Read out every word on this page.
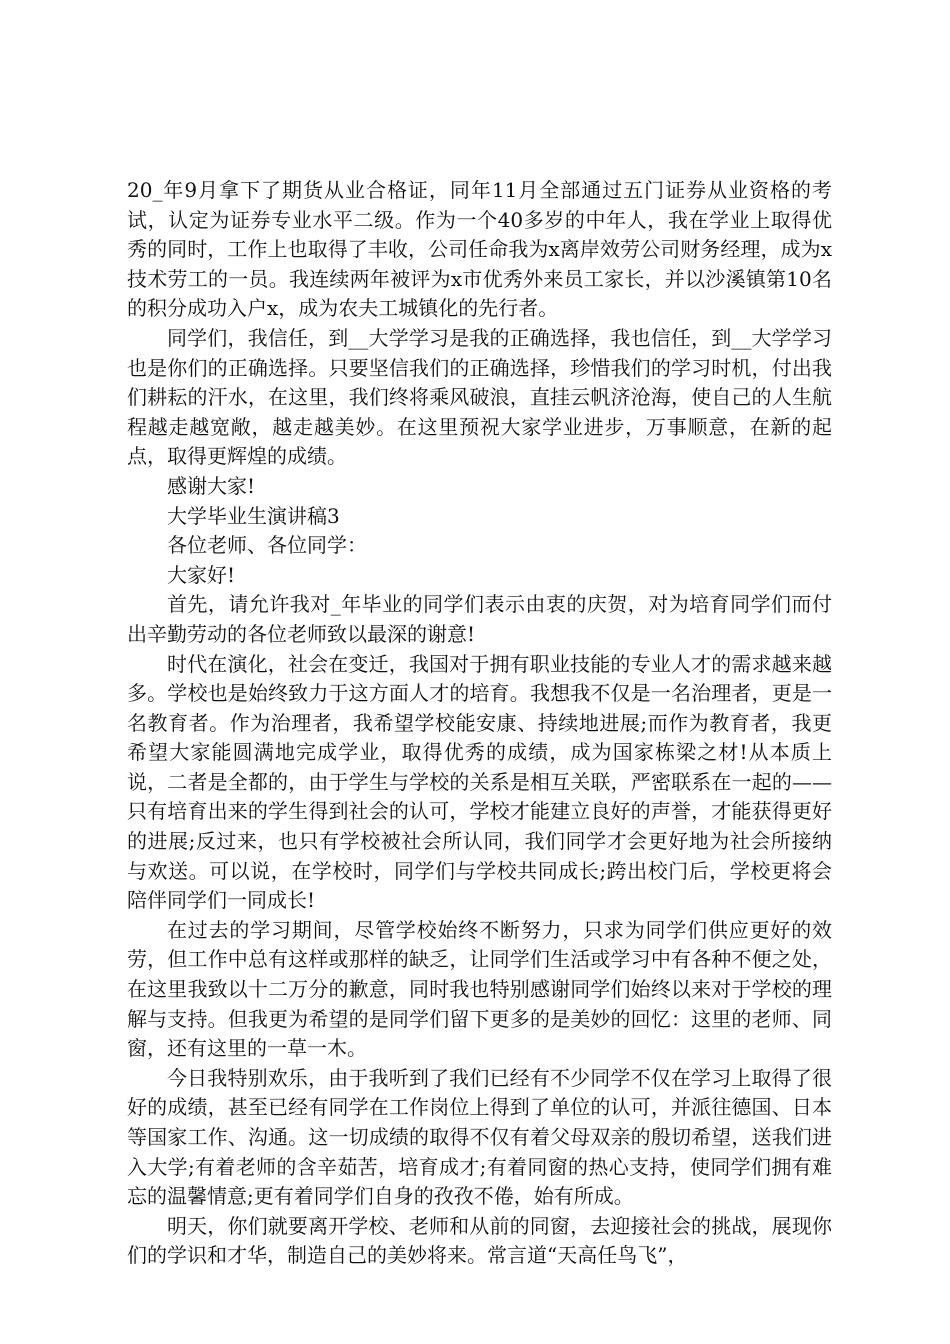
20_年9月拿下了期货从业合格证，同年11月全部通过五门证券从业资格的考试，认定为证券专业水平二级。作为一个40多岁的中年人，我在学业上取得优秀的同时，工作上也取得了丰收，公司任命我为x离岸效劳公司财务经理，成为x技术劳工的一员。我连续两年被评为x市优秀外来员工家长，并以沙溪镇第10名的积分成功入户x，成为农夫工城镇化的先行者。

同学们，我信任，到__大学学习是我的正确选择，我也信任，到__大学学习也是你们的正确选择。只要坚信我们的正确选择，珍惜我们的学习时机，付出我们耕耘的汗水，在这里，我们终将乘风破浪，直挂云帆济沧海，使自己的人生航程越走越宽敞，越走越美妙。在这里预祝大家学业进步，万事顺意，在新的起点，取得更辉煌的成绩。

感谢大家!

大学毕业生演讲稿3

各位老师、各位同学：

大家好!

首先，请允许我对_年毕业的同学们表示由衷的庆贺，对为培育同学们而付出辛勤劳动的各位老师致以最深的谢意!

时代在演化，社会在变迁，我国对于拥有职业技能的专业人才的需求越来越多。学校也是始终致力于这方面人才的培育。我想我不仅是一名治理者，更是一名教育者。作为治理者，我希望学校能安康、持续地进展;而作为教育者，我更希望大家能圆满地完成学业，取得优秀的成绩，成为国家栋梁之材!从本质上说，二者是全都的，由于学生与学校的关系是相互关联，严密联系在一起的——只有培育出来的学生得到社会的认可，学校才能建立良好的声誉，才能获得更好的进展;反过来，也只有学校被社会所认同，我们同学才会更好地为社会所接纳与欢送。可以说，在学校时，同学们与学校共同成长;跨出校门后，学校更将会陪伴同学们一同成长!

在过去的学习期间，尽管学校始终不断努力，只求为同学们供应更好的效劳，但工作中总有这样或那样的缺乏，让同学们生活或学习中有各种不便之处，在这里我致以十二万分的歉意，同时我也特别感谢同学们始终以来对于学校的理解与支持。但我更为希望的是同学们留下更多的是美妙的回忆：这里的老师、同窗，还有这里的一草一木。

今日我特别欢乐，由于我听到了我们已经有不少同学不仅在学习上取得了很好的成绩，甚至已经有同学在工作岗位上得到了单位的认可，并派往德国、日本等国家工作、沟通。这一切成绩的取得不仅有着父母双亲的殷切希望，送我们进入大学;有着老师的含辛茹苦，培育成才;有着同窗的热心支持，使同学们拥有难忘的温馨情意;更有着同学们自身的孜孜不倦，始有所成。

明天，你们就要离开学校、老师和从前的同窗，去迎接社会的挑战，展现你们的学识和才华，制造自己的美妙将来。常言道“天高任鸟飞”，
